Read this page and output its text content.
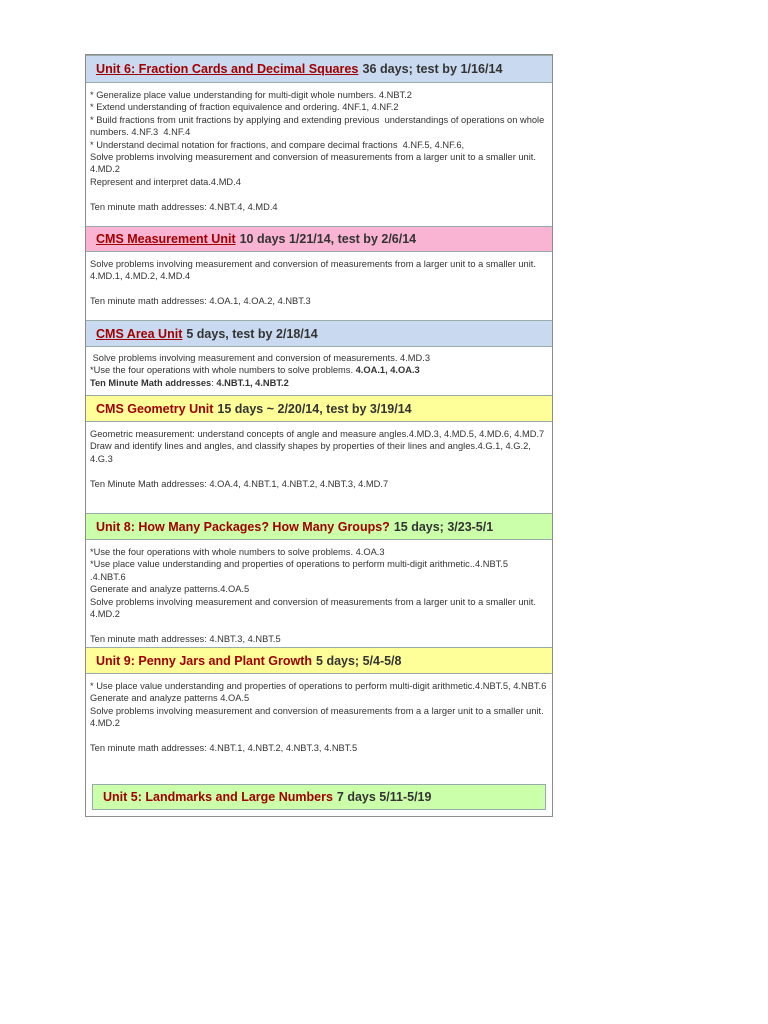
Unit 6: Fraction Cards and Decimal Squares 36 days; test by 1/16/14
* Generalize place value understanding for multi-digit whole numbers. 4.NBT.2
* Extend understanding of fraction equivalence and ordering. 4NF.1, 4.NF.2
* Build fractions from unit fractions by applying and extending previous  understandings of operations on whole numbers. 4.NF.3  4.NF.4
* Understand decimal notation for fractions, and compare decimal fractions  4.NF.5, 4.NF.6,
Solve problems involving measurement and conversion of measurements from a larger unit to a smaller unit. 4.MD.2
Represent and interpret data.4.MD.4
Ten minute math addresses: 4.NBT.4, 4.MD.4
CMS Measurement Unit 10 days 1/21/14, test by 2/6/14
Solve problems involving measurement and conversion of measurements from a larger unit to a smaller unit. 4.MD.1, 4.MD.2, 4.MD.4
Ten minute math addresses: 4.OA.1, 4.OA.2, 4.NBT.3
CMS Area Unit 5 days, test by 2/18/14
Solve problems involving measurement and conversion of measurements. 4.MD.3
*Use the four operations with whole numbers to solve problems. 4.OA.1, 4.OA.3
Ten Minute Math addresses: 4.NBT.1, 4.NBT.2
CMS Geometry Unit 15 days ~ 2/20/14, test by 3/19/14
Geometric measurement: understand concepts of angle and measure angles.4.MD.3, 4.MD.5, 4.MD.6, 4.MD.7
Draw and identify lines and angles, and classify shapes by properties of their lines and angles.4.G.1, 4.G.2, 4.G.3
Ten Minute Math addresses: 4.OA.4, 4.NBT.1, 4.NBT.2, 4.NBT.3, 4.MD.7
Unit 8: How Many Packages? How Many Groups? 15 days; 3/23-5/1
*Use the four operations with whole numbers to solve problems. 4.OA.3
*Use place value understanding and properties of operations to perform multi-digit arithmetic..4.NBT.5  .4.NBT.6
Generate and analyze patterns.4.OA.5
Solve problems involving measurement and conversion of measurements from a larger unit to a smaller unit. 4.MD.2
Ten minute math addresses: 4.NBT.3, 4.NBT.5
Unit 9: Penny Jars and Plant Growth 5 days; 5/4-5/8
* Use place value understanding and properties of operations to perform multi-digit arithmetic.4.NBT.5, 4.NBT.6
Generate and analyze patterns 4.OA.5
Solve problems involving measurement and conversion of measurements from a a larger unit to a smaller unit.  4.MD.2
Ten minute math addresses: 4.NBT.1, 4.NBT.2, 4.NBT.3, 4.NBT.5
Unit 5: Landmarks and Large Numbers 7 days 5/11-5/19
